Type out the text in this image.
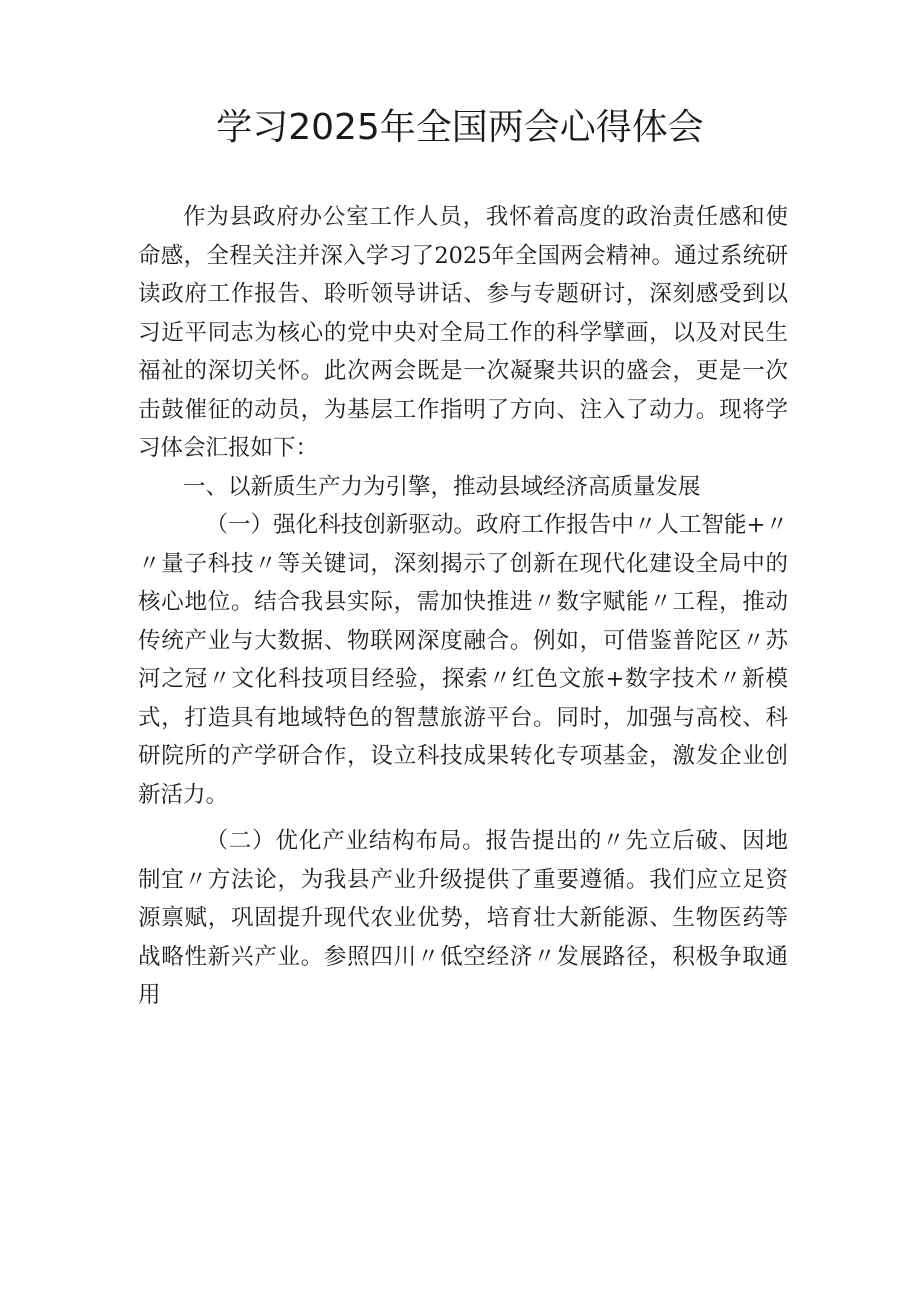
学习2025年全国两会心得体会

作为县政府办公室工作人员，我怀着高度的政治责任感和使命感，全程关注并深入学习了2025年全国两会精神。通过系统研读政府工作报告、聆听领导讲话、参与专题研讨，深刻感受到以习近平同志为核心的党中央对全局工作的科学擘画，以及对民生福祉的深切关怀。此次两会既是一次凝聚共识的盛会，更是一次击鼓催征的动员，为基层工作指明了方向、注入了动力。现将学习体会汇报如下：

一、以新质生产力为引擎，推动县域经济高质量发展

（一）强化科技创新驱动。政府工作报告中〃人工智能+〃〃量子科技〃等关键词，深刻揭示了创新在现代化建设全局中的核心地位。结合我县实际，需加快推进〃数字赋能〃工程，推动传统产业与大数据、物联网深度融合。例如，可借鉴普陀区〃苏河之冠〃文化科技项目经验，探索〃红色文旅+数字技术〃新模式，打造具有地域特色的智慧旅游平台。同时，加强与高校、科研院所的产学研合作，设立科技成果转化专项基金，激发企业创新活力。

（二）优化产业结构布局。报告提出的〃先立后破、因地制宜〃方法论，为我县产业升级提供了重要遵循。我们应立足资源禀赋，巩固提升现代农业优势，培育壮大新能源、生物医药等战略性新兴产业。参照四川〃低空经济〃发展路径，积极争取通用
